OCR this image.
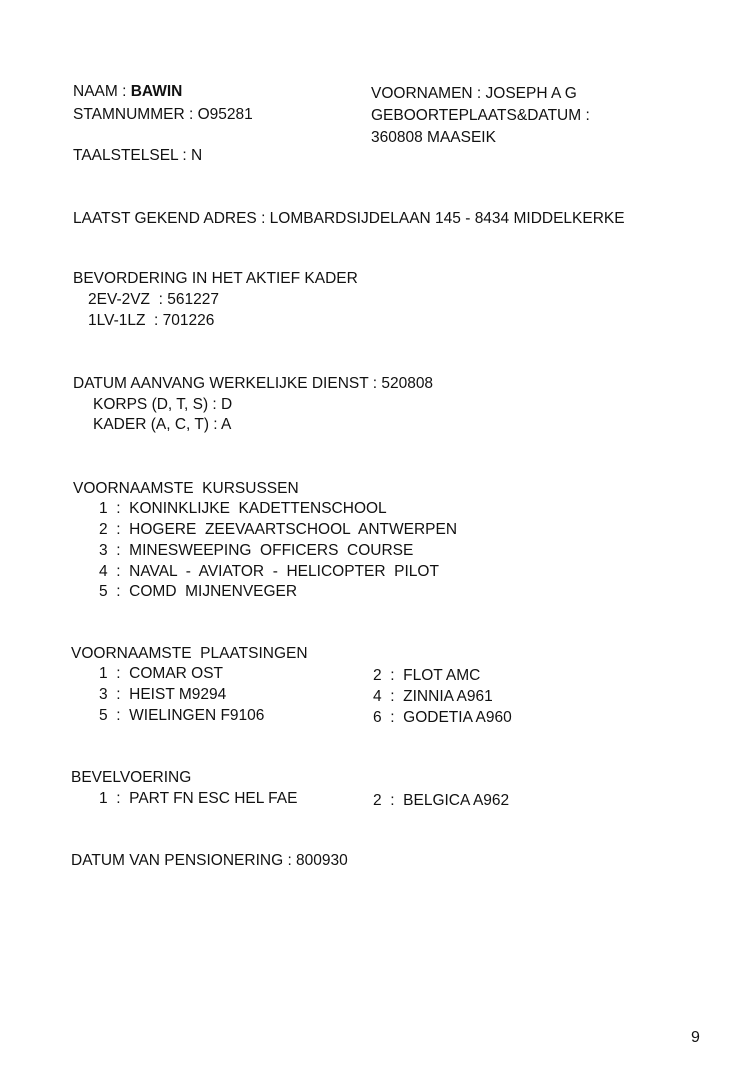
NAAM : BAWIN	VOORNAMEN : JOSEPH A G
STAMNUMMER : O95281	GEBOORTEPLAATS&DATUM :
360808 MAASEIK
TAALSTELSEL : N
LAATST GEKEND ADRES : LOMBARDSIJDELAAN 145 - 8434 MIDDELKERKE
BEVORDERING IN HET AKTIEF KADER
2EV-2VZ  : 561227
1LV-1LZ  : 701226
DATUM AANVANG WERKELIJKE DIENST : 520808
KORPS (D, T, S) : D
KADER (A, C, T) : A
VOORNAAMSTE  KURSUSSEN
1  :  KONINKLIJKE  KADETTENSCHOOL
2  :  HOGERE  ZEEVAARTSCHOOL  ANTWERPEN
3  :  MINESWEEPING  OFFICERS  COURSE
4  :  NAVAL  -  AVIATOR  -  HELICOPTER  PILOT
5  :  COMD  MIJNENVEGER
VOORNAAMSTE  PLAATSINGEN
1  :  COMAR OST	2  :  FLOT AMC
3  :  HEIST M9294	4  :  ZINNIA A961
5  :  WIELINGEN F9106	6  :  GODETIA A960
BEVELVOERING
1  :  PART FN ESC HEL FAE	2  :  BELGICA A962
DATUM VAN PENSIONERING : 800930
9
